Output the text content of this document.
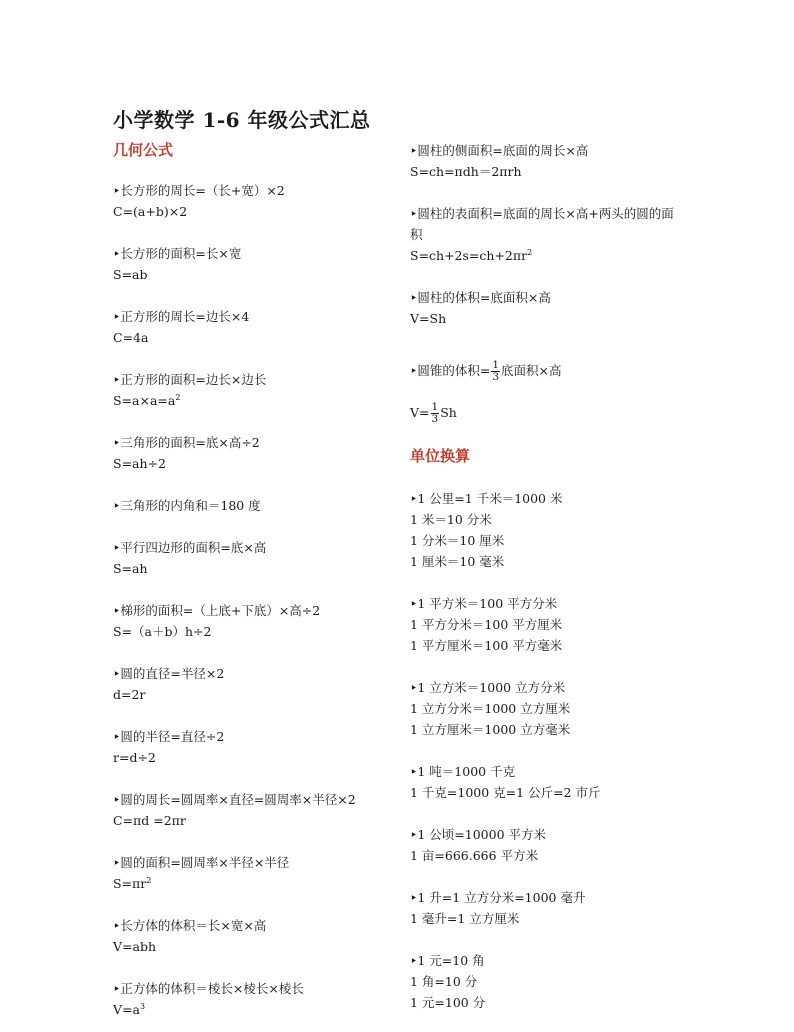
小学数学 1-6 年级公式汇总
几何公式
‣长方形的周长=（长+宽）×2
C=(a+b)×2
‣长方形的面积=长×宽
S=ab
‣正方形的周长=边长×4
C=4a
‣正方形的面积=边长×边长
$S=a\times a=a^2$
‣三角形的面积=底×高÷2
S=ah÷2
‣三角形的内角和＝180 度
‣平行四边形的面积=底×高
S=ah
‣梯形的面积=（上底+下底）×高÷2
S=（a＋b）h÷2
‣圆的直径=半径×2
d=2r
‣圆的半径=直径÷2
r=d÷2
‣圆的周长=圆周率×直径=圆周率×半径×2
C=πd =2πr
‣圆的面积=圆周率×半径×半径
$S=\pi r^2$
‣长方体的体积＝长×宽×高
V=abh
‣正方体的体积＝棱长×棱长×棱长
$V=a^3$
‣圆柱的侧面积=底面的周长×高
S=ch=πdh＝2πrh
‣圆柱的表面积=底面的周长×高+两头的圆的面积
$S=ch+2s=ch+2\pi r^2$
‣圆柱的体积=底面积×高
V=Sh
‣圆锥的体积= $\frac{1}{3}$ 底面积×高
$V= \frac{1}{3}$ Sh
单位换算
‣1 公里=1 千米＝1000 米
1 米＝10 分米
1 分米＝10 厘米
1 厘米＝10 毫米
‣1 平方米＝100 平方分米
1 平方分米＝100 平方厘米
1 平方厘米＝100 平方毫米
‣1 立方米＝1000 立方分米
1 立方分米＝1000 立方厘米
1 立方厘米＝1000 立方毫米
‣1 吨＝1000 千克
1 千克=1000 克=1 公斤=2 市斤
‣1 公顷=10000 平方米
1 亩=666.666 平方米
‣1 升=1 立方分米=1000 毫升
1 毫升=1 立方厘米
‣1 元=10 角
1 角=10 分
1 元=100 分
